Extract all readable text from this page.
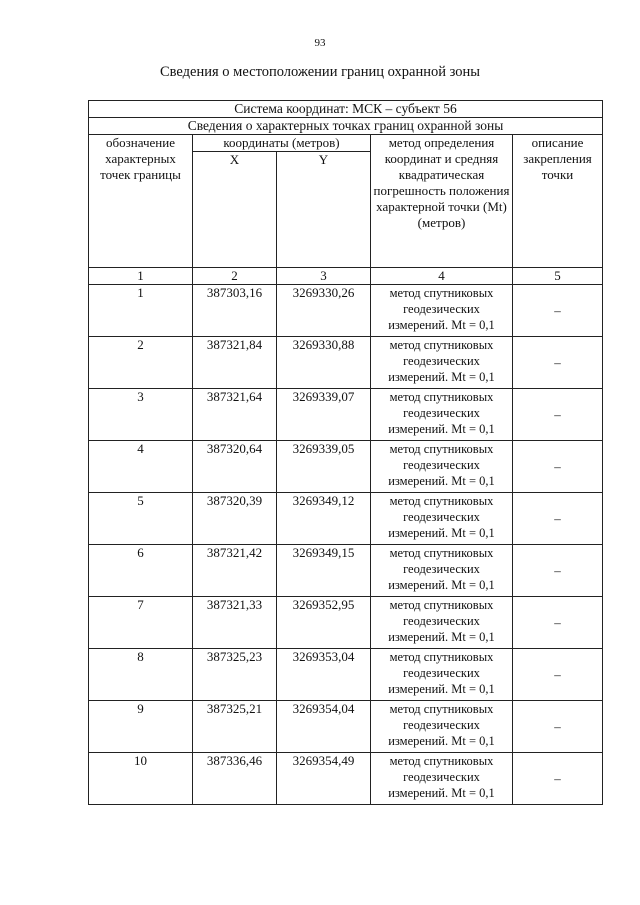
93
Сведения о местоположении границ охранной зоны
Система координат: МСК – субъект 56				
Сведения о характерных точках границ охранной зоны				
обозначение характерных точек границы	координаты (метров)		метод определения координат и средняя квадратическая погрешность положения характерной точки (Mt) (метров)	описание закрепления точки
	X	Y		
1	2	3	4	5
1	387303,16	3269330,26	метод спутниковых геодезических измерений. Mt = 0,1	–
2	387321,84	3269330,88	метод спутниковых геодезических измерений. Mt = 0,1	–
3	387321,64	3269339,07	метод спутниковых геодезических измерений. Mt = 0,1	–
4	387320,64	3269339,05	метод спутниковых геодезических измерений. Mt = 0,1	–
5	387320,39	3269349,12	метод спутниковых геодезических измерений. Mt = 0,1	–
6	387321,42	3269349,15	метод спутниковых геодезических измерений. Mt = 0,1	–
7	387321,33	3269352,95	метод спутниковых геодезических измерений. Mt = 0,1	–
8	387325,23	3269353,04	метод спутниковых геодезических измерений. Mt = 0,1	–
9	387325,21	3269354,04	метод спутниковых геодезических измерений. Mt = 0,1	–
10	387336,46	3269354,49	метод спутниковых геодезических измерений. Mt = 0,1	–
